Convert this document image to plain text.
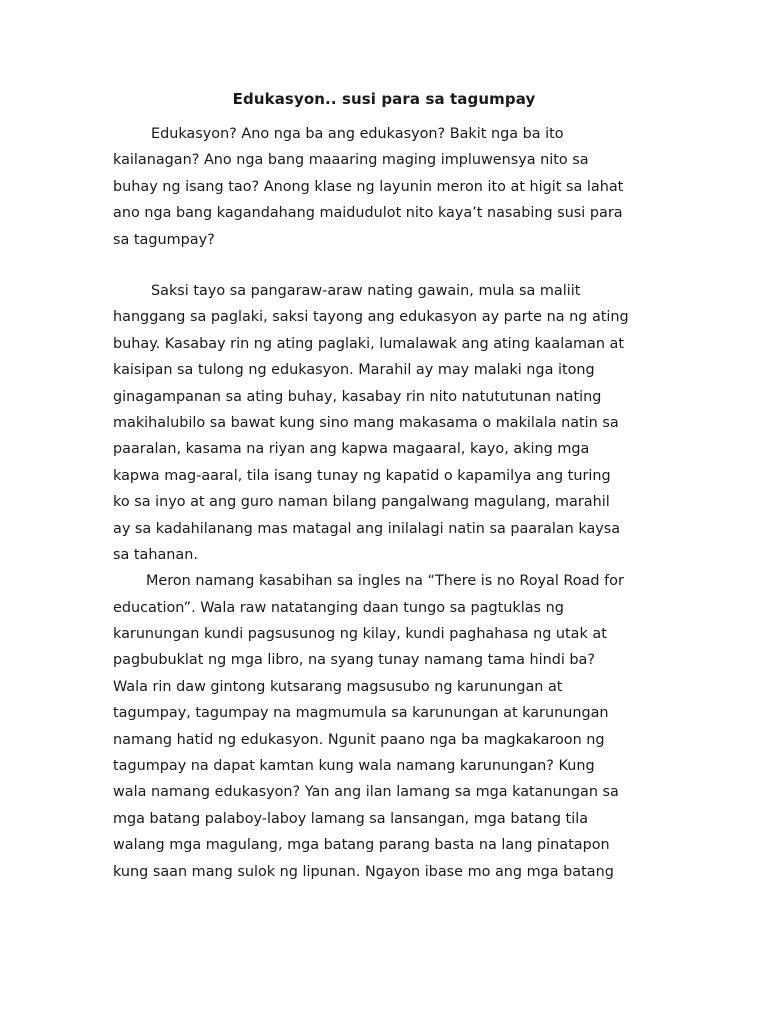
Edukasyon.. susi para sa tagumpay
Edukasyon? Ano nga ba ang edukasyon? Bakit nga ba ito
kailanagan? Ano nga bang maaaring maging impluwensya nito sa
buhay ng isang tao? Anong klase ng layunin meron ito at higit sa lahat
ano nga bang kagandahang maidudulot nito kaya’t nasabing susi para
sa tagumpay?
Saksi tayo sa pangaraw-araw nating gawain, mula sa maliit
hanggang sa paglaki, saksi tayong ang edukasyon ay parte na ng ating
buhay. Kasabay rin ng ating paglaki, lumalawak ang ating kaalaman at
kaisipan sa tulong ng edukasyon. Marahil ay may malaki nga itong
ginagampanan sa ating buhay, kasabay rin nito natututunan nating
makihalubilo sa bawat kung sino mang makasama o makilala natin sa
paaralan, kasama na riyan ang kapwa magaaral, kayo, aking mga
kapwa mag-aaral, tila isang tunay ng kapatid o kapamilya ang turing
ko sa inyo at ang guro naman bilang pangalwang magulang, marahil
ay sa kadahilanang mas matagal ang inilalagi natin sa paaralan kaysa
sa tahanan.
Meron namang kasabihan sa ingles na “There is no Royal Road for
education”. Wala raw natatanging daan tungo sa pagtuklas ng
karunungan kundi pagsusunog ng kilay, kundi paghahasa ng utak at
pagbubuklat ng mga libro, na syang tunay namang tama hindi ba?
Wala rin daw gintong kutsarang magsusubo ng karunungan at
tagumpay, tagumpay na magmumula sa karunungan at karunungan
namang hatid ng edukasyon. Ngunit paano nga ba magkakaroon ng
tagumpay na dapat kamtan kung wala namang karunungan? Kung
wala namang edukasyon? Yan ang ilan lamang sa mga katanungan sa
mga batang palaboy-laboy lamang sa lansangan, mga batang tila
walang mga magulang, mga batang parang basta na lang pinatapon
kung saan mang sulok ng lipunan. Ngayon ibase mo ang mga batang
